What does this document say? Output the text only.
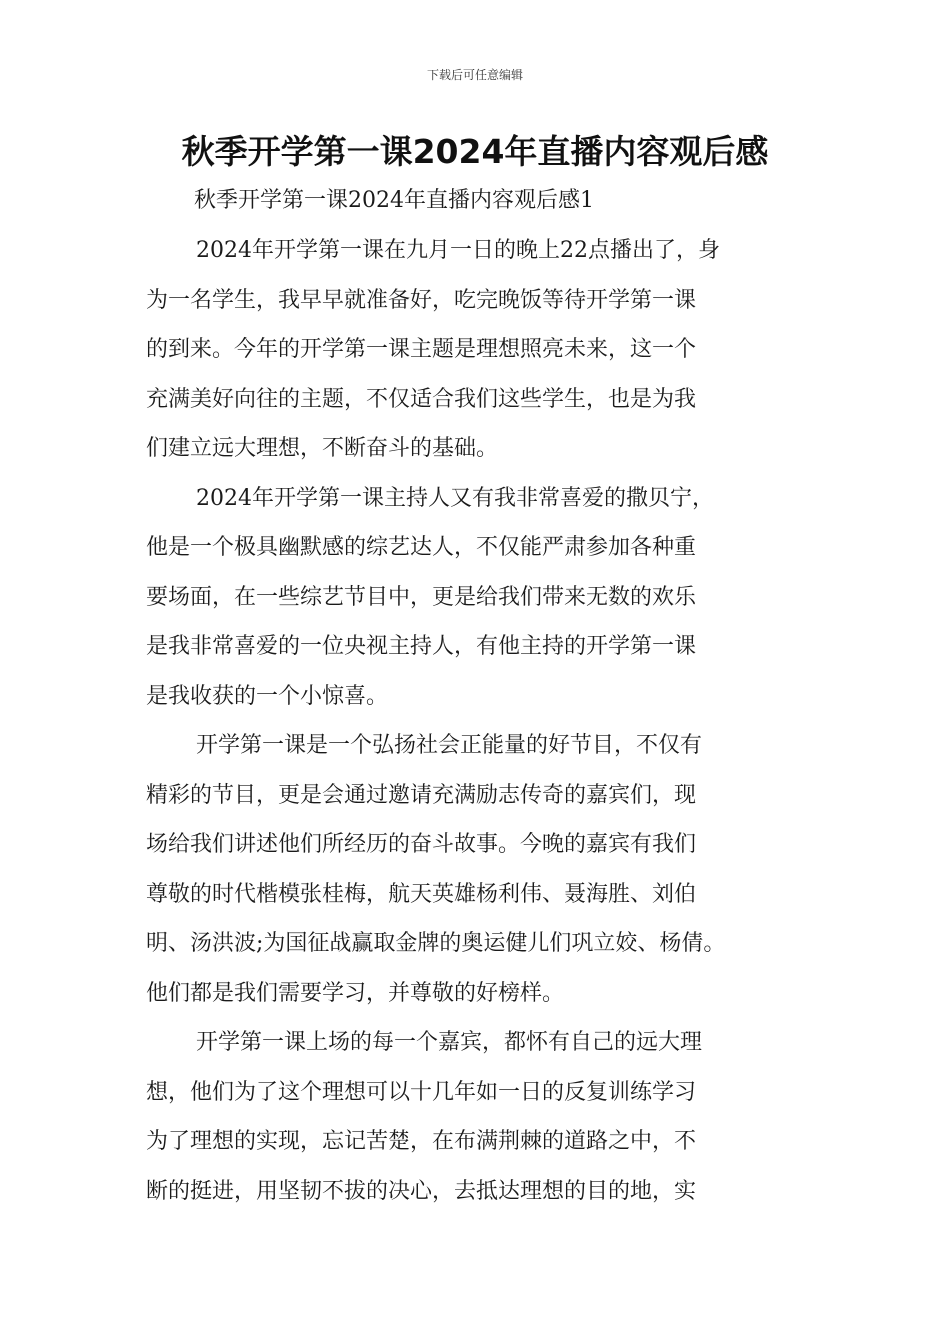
下载后可任意编辑
秋季开学第一课2024年直播内容观后感

秋季开学第一课2024年直播内容观后感1

2024年开学第一课在九月一日的晚上22点播出了，身
为一名学生，我早早就准备好，吃完晚饭等待开学第一课
的到来。今年的开学第一课主题是理想照亮未来，这一个
充满美好向往的主题，不仅适合我们这些学生，也是为我
们建立远大理想，不断奋斗的基础。

2024年开学第一课主持人又有我非常喜爱的撒贝宁，
他是一个极具幽默感的综艺达人，不仅能严肃参加各种重
要场面，在一些综艺节目中，更是给我们带来无数的欢乐
是我非常喜爱的一位央视主持人，有他主持的开学第一课
是我收获的一个小惊喜。

开学第一课是一个弘扬社会正能量的好节目，不仅有
精彩的节目，更是会通过邀请充满励志传奇的嘉宾们，现
场给我们讲述他们所经历的奋斗故事。今晚的嘉宾有我们
尊敬的时代楷模张桂梅，航天英雄杨利伟、聂海胜、刘伯
明、汤洪波;为国征战赢取金牌的奥运健儿们巩立姣、杨倩。
他们都是我们需要学习，并尊敬的好榜样。

开学第一课上场的每一个嘉宾，都怀有自己的远大理
想，他们为了这个理想可以十几年如一日的反复训练学习
为了理想的实现，忘记苦楚，在布满荆棘的道路之中，不
断的挺进，用坚韧不拔的决心，去抵达理想的目的地，实
